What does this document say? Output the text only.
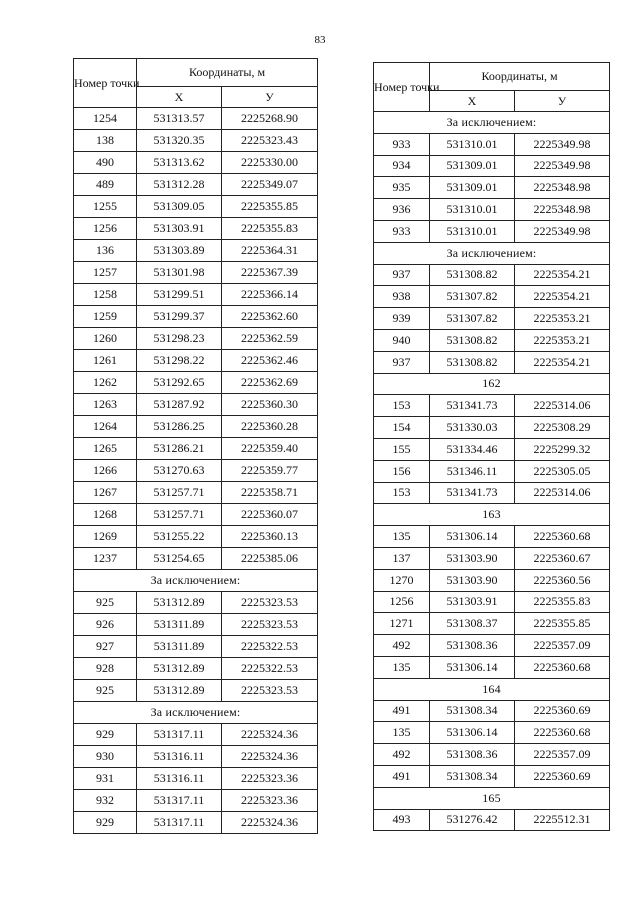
83
Номер точки	Координаты, м	
	X	У
1254	531313.57	2225268.90
138	531320.35	2225323.43
490	531313.62	2225330.00
489	531312.28	2225349.07
1255	531309.05	2225355.85
1256	531303.91	2225355.83
136	531303.89	2225364.31
1257	531301.98	2225367.39
1258	531299.51	2225366.14
1259	531299.37	2225362.60
1260	531298.23	2225362.59
1261	531298.22	2225362.46
1262	531292.65	2225362.69
1263	531287.92	2225360.30
1264	531286.25	2225360.28
1265	531286.21	2225359.40
1266	531270.63	2225359.77
1267	531257.71	2225358.71
1268	531257.71	2225360.07
1269	531255.22	2225360.13
1237	531254.65	2225385.06
За исключением:		
925	531312.89	2225323.53
926	531311.89	2225323.53
927	531311.89	2225322.53
928	531312.89	2225322.53
925	531312.89	2225323.53
За исключением:		
929	531317.11	2225324.36
930	531316.11	2225324.36
931	531316.11	2225323.36
932	531317.11	2225323.36
929	531317.11	2225324.36
Номер точки	Координаты, м	
	X	У
За исключением:		
933	531310.01	2225349.98
934	531309.01	2225349.98
935	531309.01	2225348.98
936	531310.01	2225348.98
933	531310.01	2225349.98
За исключением:		
937	531308.82	2225354.21
938	531307.82	2225354.21
939	531307.82	2225353.21
940	531308.82	2225353.21
937	531308.82	2225354.21
162		
153	531341.73	2225314.06
154	531330.03	2225308.29
155	531334.46	2225299.32
156	531346.11	2225305.05
153	531341.73	2225314.06
163		
135	531306.14	2225360.68
137	531303.90	2225360.67
1270	531303.90	2225360.56
1256	531303.91	2225355.83
1271	531308.37	2225355.85
492	531308.36	2225357.09
135	531306.14	2225360.68
164		
491	531308.34	2225360.69
135	531306.14	2225360.68
492	531308.36	2225357.09
491	531308.34	2225360.69
165		
493	531276.42	2225512.31
